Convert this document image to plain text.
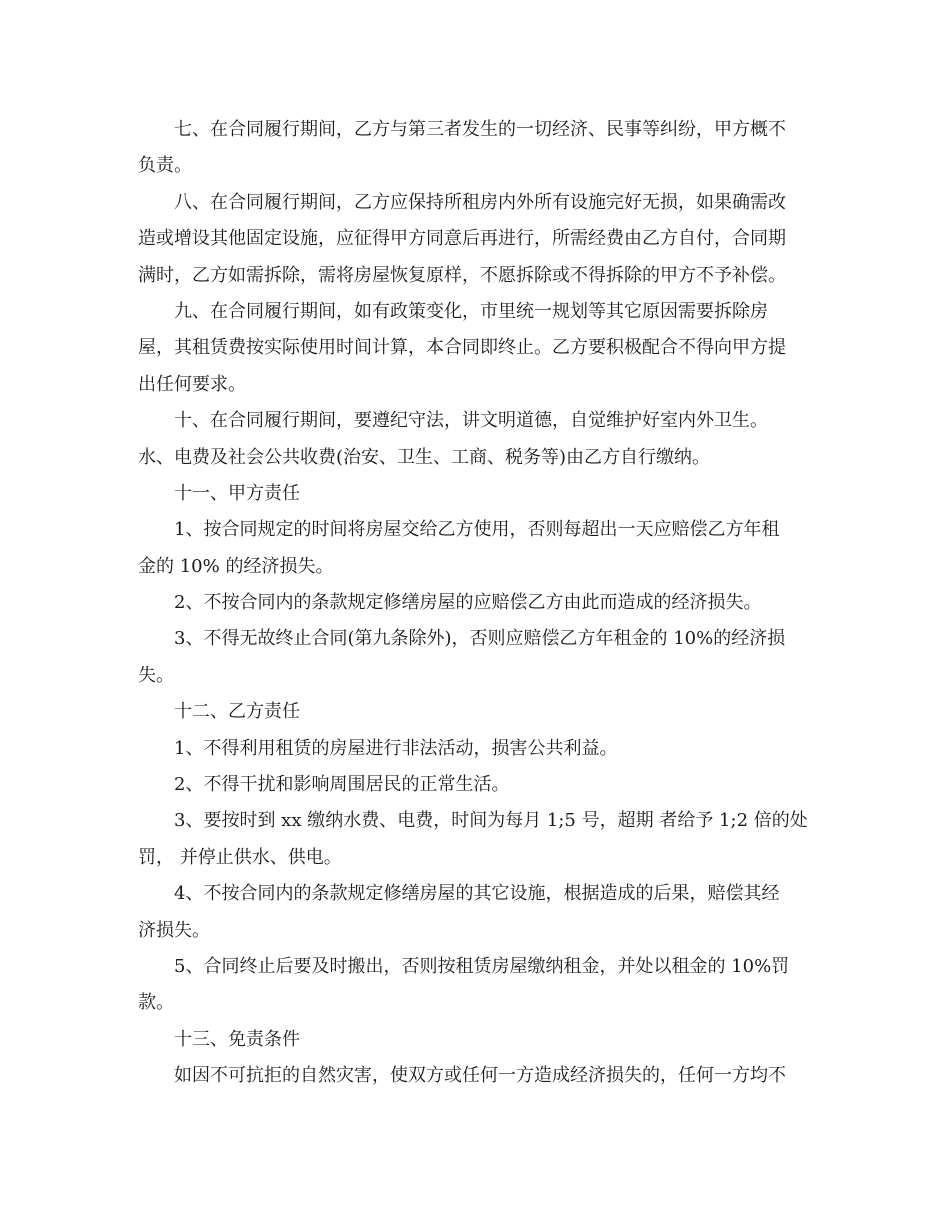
七、在合同履行期间，乙方与第三者发生的一切经济、民事等纠纷，甲方概不
负责。
八、在合同履行期间，乙方应保持所租房内外所有设施完好无损，如果确需改
造或增设其他固定设施，应征得甲方同意后再进行，所需经费由乙方自付，合同期
满时，乙方如需拆除，需将房屋恢复原样，不愿拆除或不得拆除的甲方不予补偿。
九、在合同履行期间，如有政策变化，市里统一规划等其它原因需要拆除房
屋，其租赁费按实际使用时间计算，本合同即终止。乙方要积极配合不得向甲方提
出任何要求。
十、在合同履行期间，要遵纪守法，讲文明道德，自觉维护好室内外卫生。
水、电费及社会公共收费(治安、卫生、工商、税务等)由乙方自行缴纳。
十一、甲方责任
1、按合同规定的时间将房屋交给乙方使用，否则每超出一天应赔偿乙方年租
金的 10% 的经济损失。
2、不按合同内的条款规定修缮房屋的应赔偿乙方由此而造成的经济损失。
3、不得无故终止合同(第九条除外)，否则应赔偿乙方年租金的 10%的经济损
失。
十二、乙方责任
1、不得利用租赁的房屋进行非法活动，损害公共利益。
2、不得干扰和影响周围居民的正常生活。
3、要按时到 xx 缴纳水费、电费，时间为每月 1;5 号，超期 者给予 1;2 倍的处
罚， 并停止供水、供电。
4、不按合同内的条款规定修缮房屋的其它设施，根据造成的后果，赔偿其经
济损失。
5、合同终止后要及时搬出，否则按租赁房屋缴纳租金，并处以租金的 10%罚
款。
十三、免责条件
如因不可抗拒的自然灾害，使双方或任何一方造成经济损失的，任何一方均不
